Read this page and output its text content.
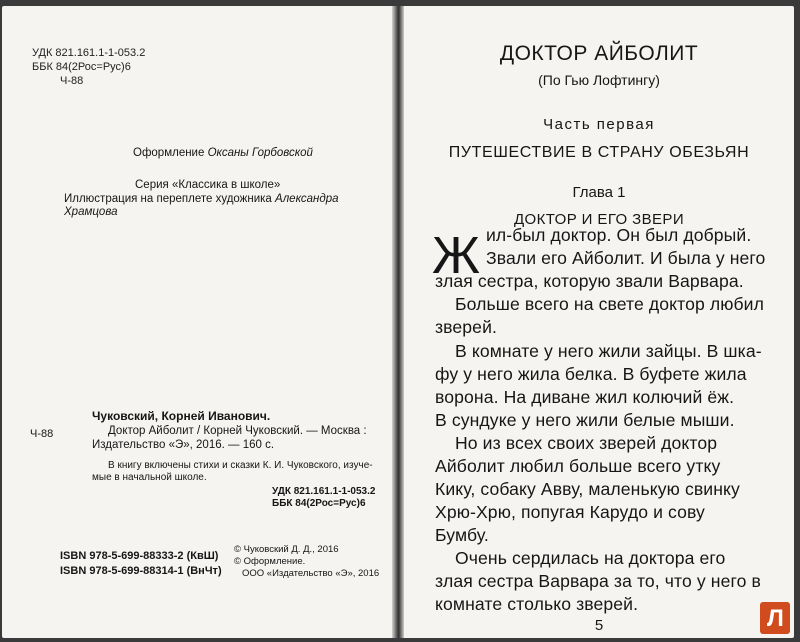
УДК 821.161.1-1-053.2
ББК 84(2Рос=Рус)6
Ч-88
Оформление Оксаны Горбовской
Серия «Классика в школе»
Иллюстрация на переплете художника Александра Храмцова
Ч-88
Чуковский, Корней Иванович.
Доктор Айболит / Корней Чуковский. — Москва :
Издательство «Э», 2016. — 160 с.
В книгу включены стихи и сказки К. И. Чуковского, изуче-
мые в начальной школе.
УДК 821.161.1-1-053.2
ББК 84(2Рос=Рус)6
ISBN 978-5-699-88333-2 (КвШ)
ISBN 978-5-699-88314-1 (ВнЧт)
© Чуковский Д. Д., 2016
© Оформление.
ООО «Издательство «Э», 2016
ДОКТОР АЙБОЛИТ
(По Гью Лофтингу)
Часть первая
ПУТЕШЕСТВИЕ В СТРАНУ ОБЕЗЬЯН
Глава 1
ДОКТОР И ЕГО ЗВЕРИ
Ж ил-был доктор. Он был добрый.
Звали его Айболит. И была у него
злая сестра, которую звали Варвара.
Больше всего на свете доктор любил
зверей.
В комнате у него жили зайцы. В шка-
фу у него жила белка. В буфете жила
ворона. На диване жил колючий ёж.
В сундуке у него жили белые мыши.
Но из всех своих зверей доктор
Айболит любил больше всего утку
Кику, собаку Авву, маленькую свинку
Хрю-Хрю, попугая Карудо и сову
Бумбу.
Очень сердилась на доктора его
злая сестра Варвара за то, что у него в
комнате столько зверей.
5	Л
